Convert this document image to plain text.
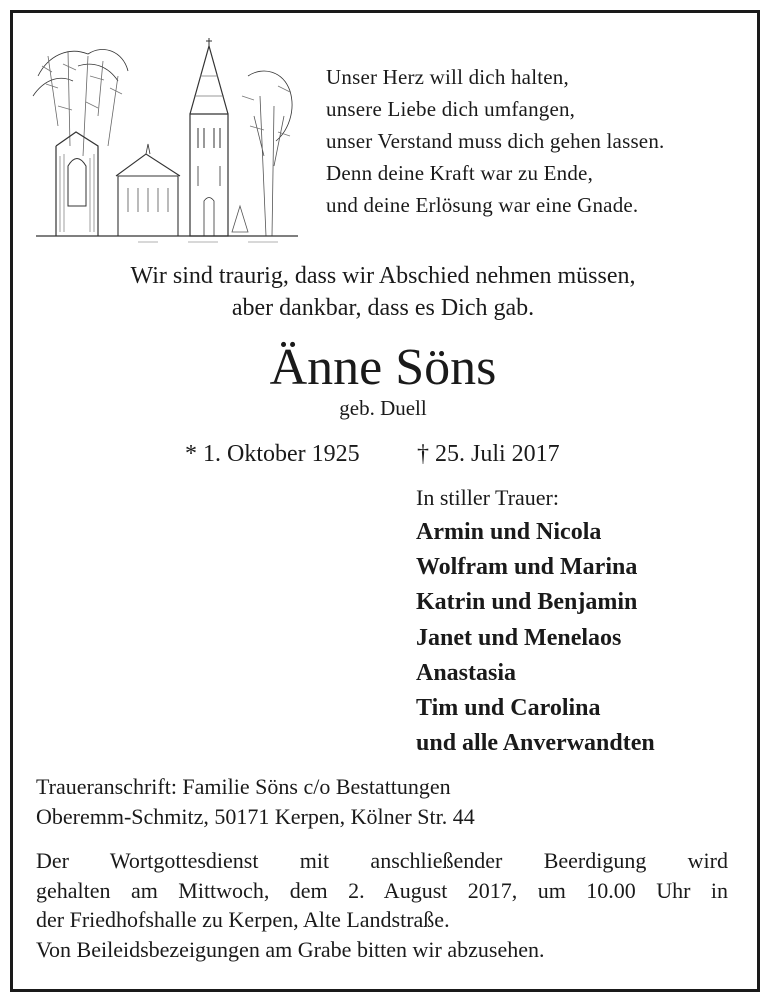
Unser Herz will dich halten,
unsere Liebe dich umfangen,
unser Verstand muss dich gehen lassen.
Denn deine Kraft war zu Ende,
und deine Erlösung war eine Gnade.
Wir sind traurig, dass wir Abschied nehmen müssen,
aber dankbar, dass es Dich gab.
Änne Söns
geb. Duell
* 1. Oktober 1925 † 25. Juli 2017
In stiller Trauer:
Armin und Nicola
Wolfram und Marina
Katrin und Benjamin
Janet und Menelaos
Anastasia
Tim und Carolina
und alle Anverwandten
Traueranschrift: Familie Söns c/o Bestattungen
Oberemm-Schmitz, 50171 Kerpen, Kölner Str. 44
Der Wortgottesdienst mit anschließender Beerdigung wird
gehalten am Mittwoch, dem 2. August 2017, um 10.00 Uhr in
der Friedhofshalle zu Kerpen, Alte Landstraße.
Von Beileidsbezeigungen am Grabe bitten wir abzusehen.
